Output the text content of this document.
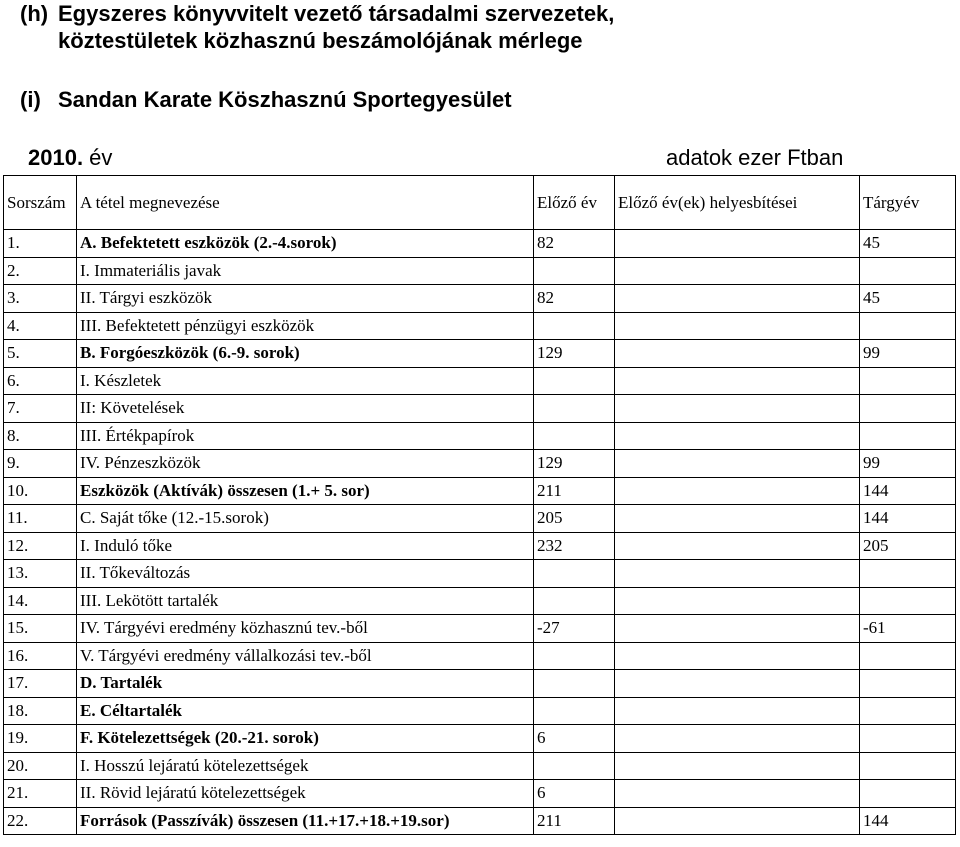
(h) Egyszeres könyvvitelt vezető társadalmi szervezetek,
köztestületek közhasznú beszámolójának mérlege
(i) Sandan Karate Köszhasznú Sportegyesület
2010. év	adatok ezer Ftban
Sorszám	A tétel megnevezése	Előző év	Előző év(ek) helyesbítései	Tárgyév
1.	A. Befektetett eszközök (2.-4.sorok)	82		45
2.	I. Immateriális javak			
3.	II. Tárgyi eszközök	82		45
4.	III. Befektetett pénzügyi eszközök			
5.	B. Forgóeszközök (6.-9. sorok)	129		99
6.	I. Készletek			
7.	II: Követelések			
8.	III. Értékpapírok			
9.	IV. Pénzeszközök	129		99
10.	Eszközök (Aktívák) összesen (1.+ 5. sor)	211		144
11.	C. Saját tőke (12.-15.sorok)	205		144
12.	I. Induló tőke	232		205
13.	II. Tőkeváltozás			
14.	III. Lekötött tartalék			
15.	IV. Tárgyévi eredmény közhasznú tev.-ből	-27		-61
16.	V. Tárgyévi eredmény vállalkozási tev.-ből			
17.	D. Tartalék			
18.	E. Céltartalék			
19.	F. Kötelezettségek (20.-21. sorok)	6		
20.	I. Hosszú lejáratú kötelezettségek			
21.	II. Rövid lejáratú kötelezettségek	6		
22.	Források (Passzívák) összesen (11.+17.+18.+19.sor)	211		144
